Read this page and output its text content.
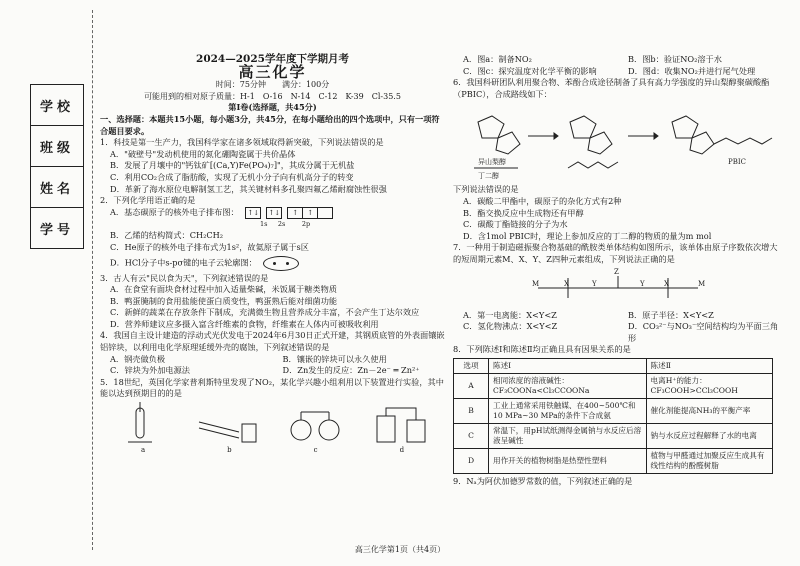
学校
班级
姓名
学号
2024—2025学年度下学期月考
高三化学
时间：75分钟　　满分：100分
可能用到的相对原子质量：H-1　O-16　N-14　C-12　K-39　Cl-35.5
第Ⅰ卷(选择题，共45分)
一、选择题：本题共15小题，每小题3分，共45分，在每小题给出的四个选项中，只有一项符合题目要求。
1．科技是第一生产力，我国科学家在诸多领域取得新突破，下列说法错误的是
A．"破壁号"发动机使用的氮化硼陶瓷属于共价晶体
B．发展了月壤中的"钙钛矿[(Ca,Y)Fe(PO₄)₇]"，其成分属于无机盐
C．利用CO₂合成了脂肪酸，实现了无机小分子向有机高分子的转变
D．革新了海水原位电解制氢工艺，其关键材料多孔聚四氟乙烯耐腐蚀性很强
2．下列化学用语正确的是
A．基态碳原子的核外电子排布图：	↑↓	↑↓	↑	↑
1s 2s	2p
B．乙烯的结构简式：CH₂CH₂
C．He原子的核外电子排布式为1s²，故氦原子属于s区
D．HCl分子中s-pσ键的电子云轮廓图：
3．古人有云"民以食为天"，下列叙述错误的是
A．在食堂有面块食材过程中加入适量柴碱，米饭属于糖类物质
B．鸭蛋腌制的食用盐能使蛋白质变性，鸭蛋熟后能对细菌功能
C．新鲜的蔬菜在存放条件下制成，充满微生物且营养成分丰富，不会产生丁达尔效应
D．营养师建议应多摄入富含纤维素的食物，纤维素在人体内可被吸收利用
4．我国自主设计建造的浮动式光伏发电于2024年6月30日正式开建，其钢质底管的外表面镶嵌铝锌块，以利用电化学原理延缓外壳的腐蚀，下列叙述错误的是
A．钢壳做负极	B．镶嵌的锌块可以永久使用
C．锌块为外加电源法	D．Zn发生的反应：Zn－2e⁻ ═ Zn²⁺
5．18世纪，英国化学家普利斯特里发现了NO₂，某化学兴趣小组利用以下装置进行实验，其中能以达到预期目的的是
a	b	c	d
A．图a：制备NO₂	B．图b：验证NO₂溶于水
C．图c：探究温度对化学平衡的影响	D．图d：收集NO₂并进行尾气处理
6．我国科研团队利用聚合物、苯酚合成途径制备了具有高力学强度的异山梨醇聚碳酸酯（PBIC），合成路线如下：
异山梨醇
丁二醇
PBIC
下列说法错误的是
A．碳酸二甲酯中，碳原子的杂化方式有2种
B．酯交换反应中生成物还有甲醇
C．碳酸丁酯链接的分子为水
D．含1mol PBIC时，理论上参加反应的丁二醇的物质的量为m mol
7．一种用于制造磁振聚合物基础的酰胺类单体结构如图所示，该单体由原子序数依次增大的短周期元素M、X、Y、Z四种元素组成，下列说法正确的是
M	X	Y
Z
Y	X	M
A．第一电离能：X<Y<Z	B．原子半径：X<Y<Z
C．氢化物沸点：X<Y<Z	D．CO₃²⁻与NO₃⁻空间结构均为平面三角形
8．下列陈述Ⅰ和陈述Ⅱ均正确且具有因果关系的是
选项	陈述Ⅰ	陈述Ⅱ
A	相同浓度的溶液碱性：CF₃COONa<Cl₃CCOONa	电离H⁺的能力：CF₃COOH>CCl₃COOH
B	工业上通常采用铁触媒、在400~500℃和10 MPa~30 MPa的条件下合成氨	催化剂能提高NH₃的平衡产率
C	常温下，用pH试纸测得金属钠与水反应后溶液呈碱性	钠与水反应过程解释了水的电离
D	用作开关的植物树脂是热塑性塑料	植物与甲醛通过加聚反应生成具有线性结构的酚醛树脂
9．Nₐ为阿伏加德罗常数的值，下列叙述正确的是
高三化学第1页（共4页）
